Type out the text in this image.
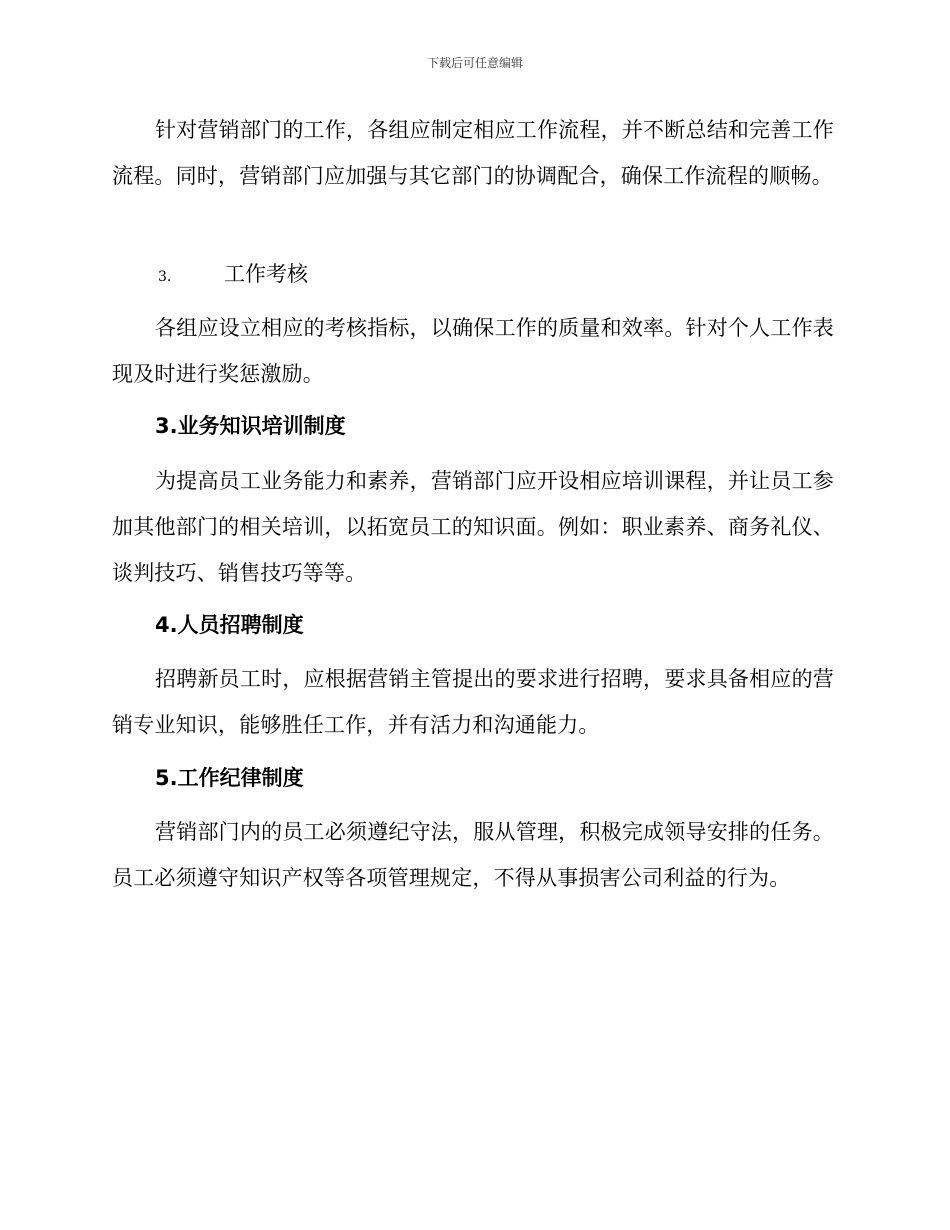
下载后可任意编辑
针对营销部门的工作，各组应制定相应工作流程，并不断总结和完善工作流程。同时，营销部门应加强与其它部门的协调配合，确保工作流程的顺畅。
3.	工作考核
各组应设立相应的考核指标，以确保工作的质量和效率。针对个人工作表现及时进行奖惩激励。
3.业务知识培训制度
为提高员工业务能力和素养，营销部门应开设相应培训课程，并让员工参加其他部门的相关培训，以拓宽员工的知识面。例如：职业素养、商务礼仪、谈判技巧、销售技巧等等。
4.人员招聘制度
招聘新员工时，应根据营销主管提出的要求进行招聘，要求具备相应的营销专业知识，能够胜任工作，并有活力和沟通能力。
5.工作纪律制度
营销部门内的员工必须遵纪守法，服从管理，积极完成领导安排的任务。员工必须遵守知识产权等各项管理规定，不得从事损害公司利益的行为。
